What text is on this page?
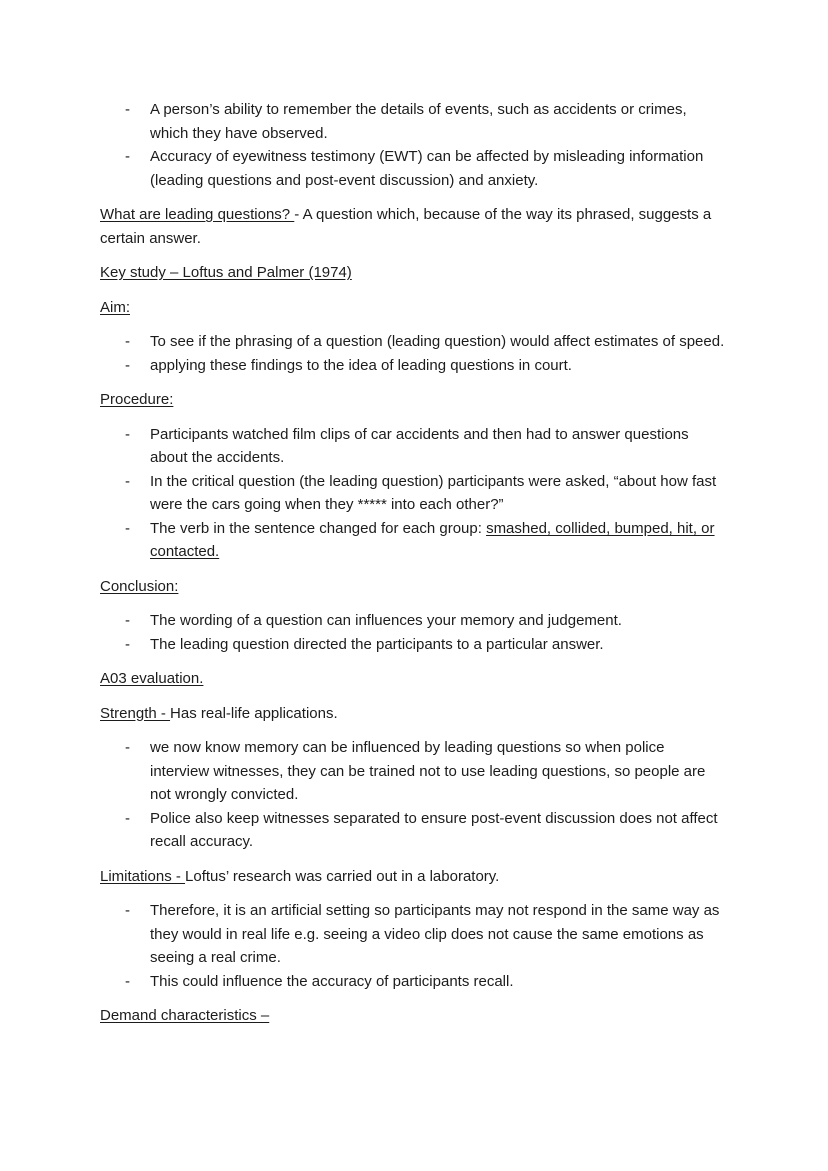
-	A person’s ability to remember the details of events, such as accidents or crimes, which they have observed.
-	Accuracy of eyewitness testimony (EWT) can be affected by misleading information (leading questions and post-event discussion) and anxiety.

What are leading questions? - A question which, because of the way its phrased, suggests a certain answer.

Key study – Loftus and Palmer (1974)

Aim:

-	To see if the phrasing of a question (leading question) would affect estimates of speed.
-	applying these findings to the idea of leading questions in court.

Procedure:

-	Participants watched film clips of car accidents and then had to answer questions about the accidents.
-	In the critical question (the leading question) participants were asked, “about how fast were the cars going when they ***** into each other?”
-	The verb in the sentence changed for each group: smashed, collided, bumped, hit, or contacted.

Conclusion:

-	The wording of a question can influences your memory and judgement.
-	The leading question directed the participants to a particular answer.

A03 evaluation.

Strength - Has real-life applications.

-	we now know memory can be influenced by leading questions so when police interview witnesses, they can be trained not to use leading questions, so people are not wrongly convicted.
-	Police also keep witnesses separated to ensure post-event discussion does not affect recall accuracy.

Limitations - Loftus’ research was carried out in a laboratory.

-	Therefore, it is an artificial setting so participants may not respond in the same way as they would in real life e.g. seeing a video clip does not cause the same emotions as seeing a real crime.
-	This could influence the accuracy of participants recall.

Demand characteristics –
